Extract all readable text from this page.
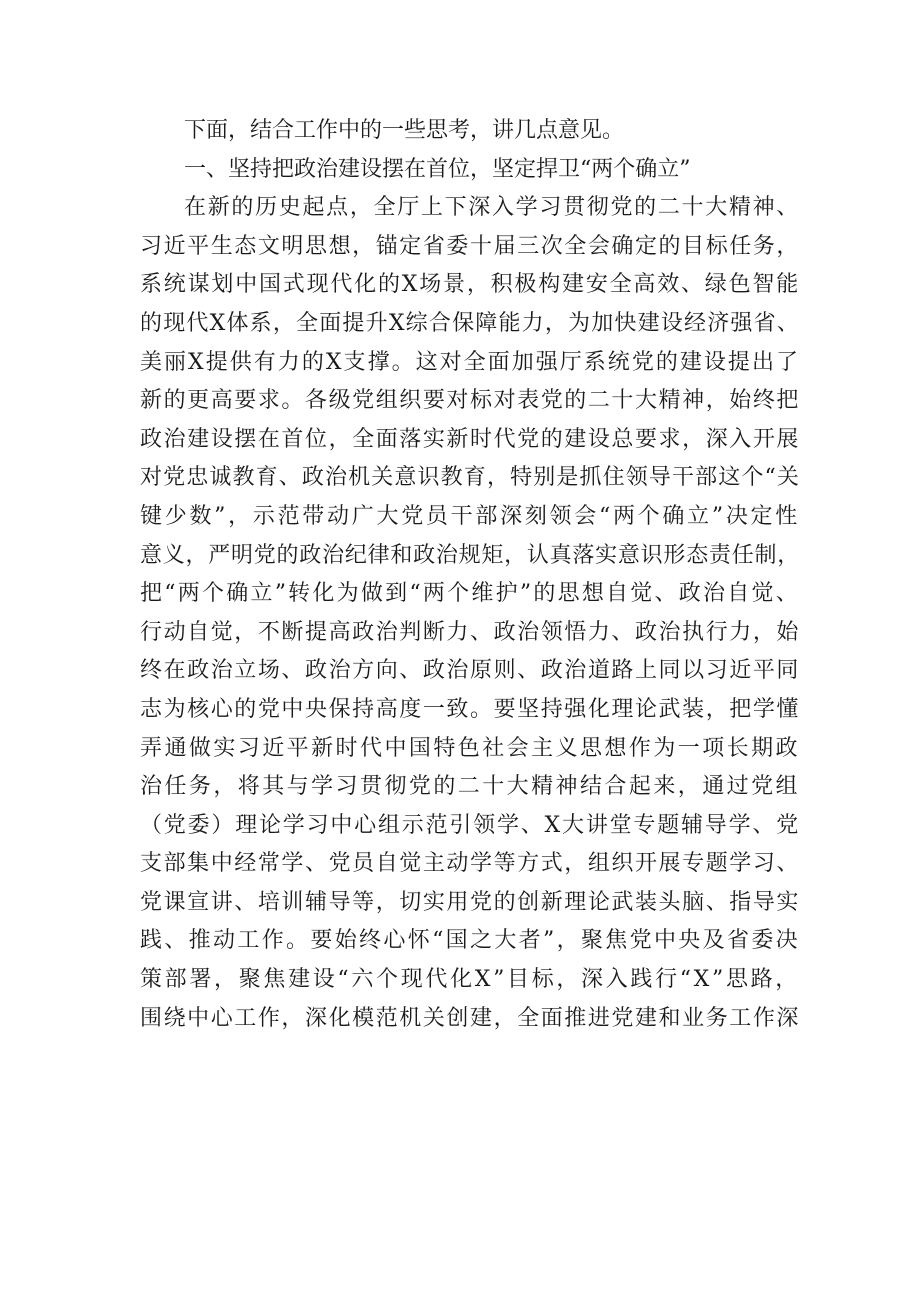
下面，结合工作中的一些思考，讲几点意见。

一、坚持把政治建设摆在首位，坚定捍卫“两个确立”

在新的历史起点，全厅上下深入学习贯彻党的二十大精神、
习近平生态文明思想，锚定省委十届三次全会确定的目标任务，
系统谋划中国式现代化的X场景，积极构建安全高效、绿色智能
的现代X体系，全面提升X综合保障能力，为加快建设经济强省、
美丽X提供有力的X支撑。这对全面加强厅系统党的建设提出了
新的更高要求。各级党组织要对标对表党的二十大精神，始终把
政治建设摆在首位，全面落实新时代党的建设总要求，深入开展
对党忠诚教育、政治机关意识教育，特别是抓住领导干部这个“关
键少数”，示范带动广大党员干部深刻领会“两个确立”决定性
意义，严明党的政治纪律和政治规矩，认真落实意识形态责任制，
把“两个确立”转化为做到“两个维护”的思想自觉、政治自觉、
行动自觉，不断提高政治判断力、政治领悟力、政治执行力，始
终在政治立场、政治方向、政治原则、政治道路上同以习近平同
志为核心的党中央保持高度一致。要坚持强化理论武装，把学懂
弄通做实习近平新时代中国特色社会主义思想作为一项长期政
治任务，将其与学习贯彻党的二十大精神结合起来，通过党组
（党委）理论学习中心组示范引领学、X大讲堂专题辅导学、党
支部集中经常学、党员自觉主动学等方式，组织开展专题学习、
党课宣讲、培训辅导等，切实用党的创新理论武装头脑、指导实
践、推动工作。要始终心怀“国之大者”，聚焦党中央及省委决
策部署，聚焦建设“六个现代化X”目标，深入践行“X”思路，
围绕中心工作，深化模范机关创建，全面推进党建和业务工作深
